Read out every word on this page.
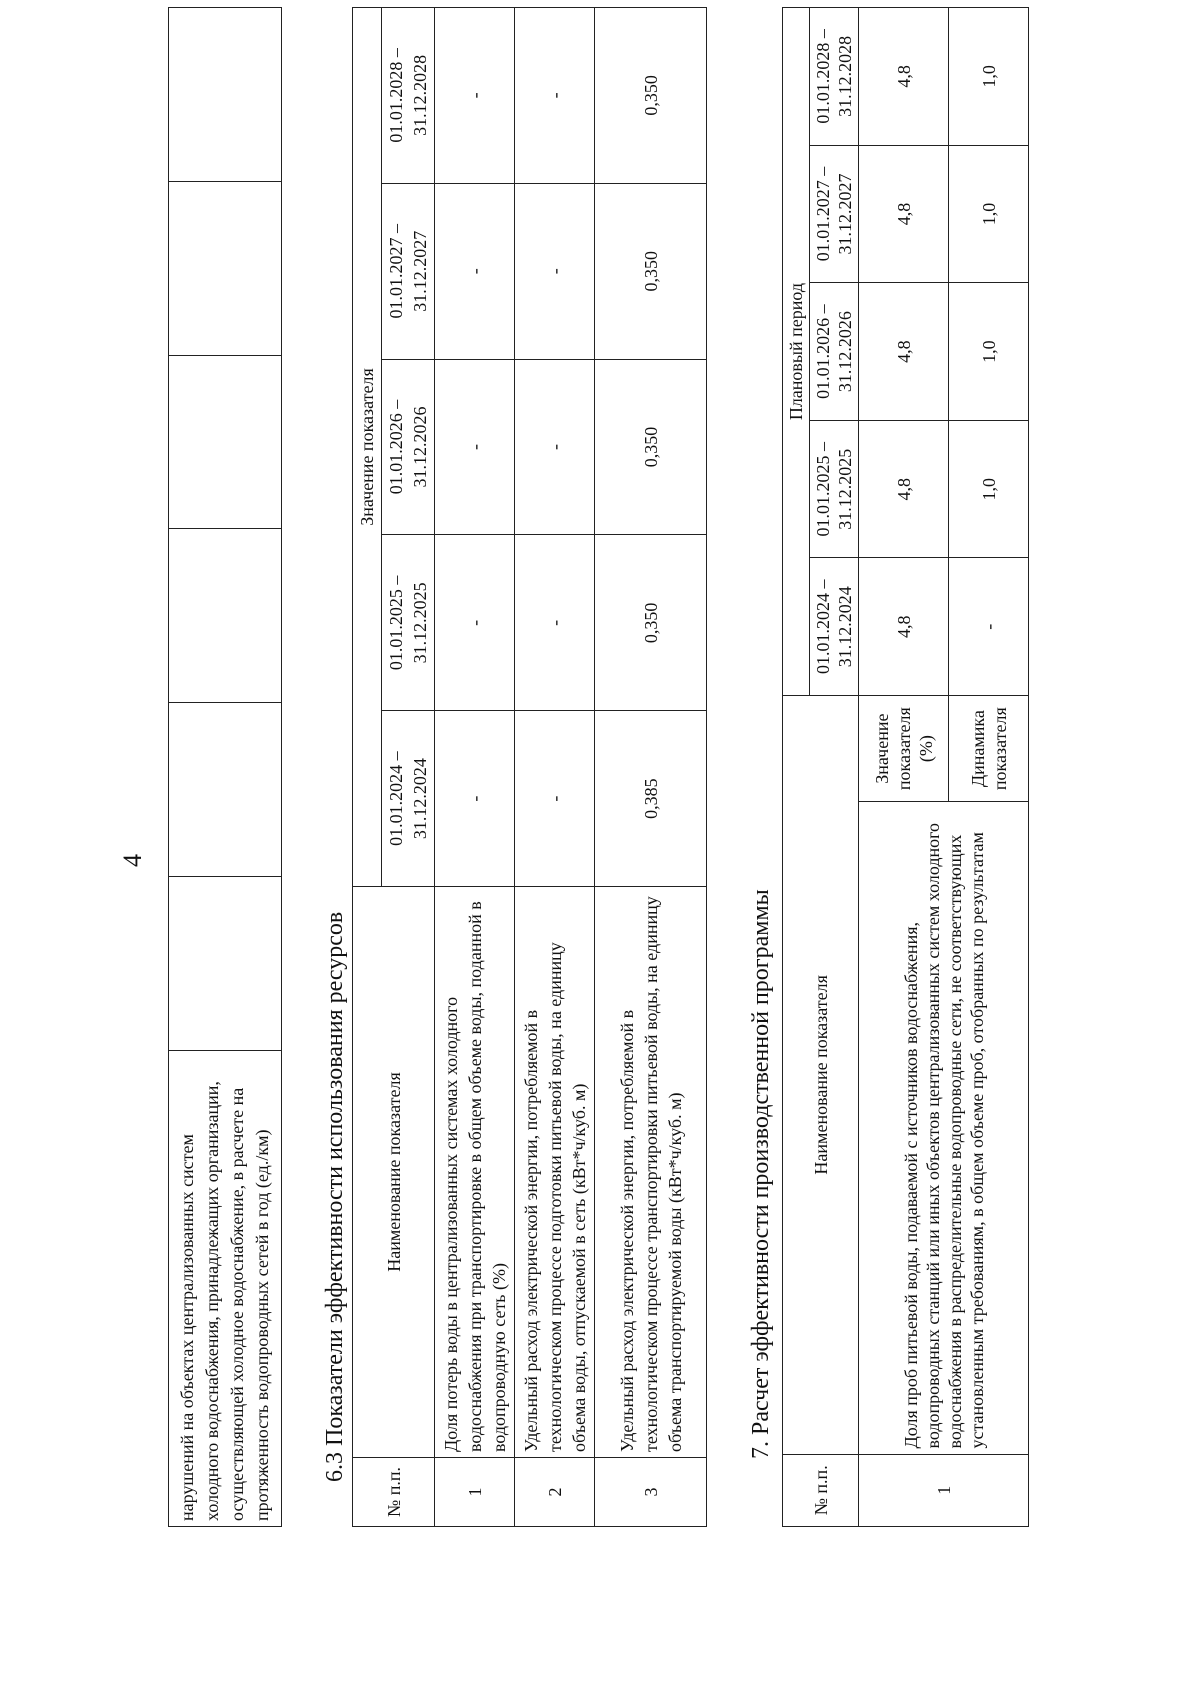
4
нарушений на объектах централизованных систем холодного водоснабжения, принадлежащих организации, осуществляющей холодное водоснабжение, в расчете на протяженность водопроводных сетей в год (ед./км)						6.3 Показатели эффективности использования ресурсов
№ п.п.	Наименование показателя	Значение показателя				
		01.01.2024 – 31.12.2024	01.01.2025 – 31.12.2025	01.01.2026 – 31.12.2026	01.01.2027 – 31.12.2027	01.01.2028 – 31.12.2028
1	Доля потерь воды в централизованных системах холодного водоснабжения при транспортировке в общем объеме воды, поданной в водопроводную сеть (%)	-	-	-	-	-
2	Удельный расход электрической энергии, потребляемой в технологическом процессе подготовки питьевой воды, на единицу объема воды, отпускаемой в сеть (кВт*ч/куб. м)	-	-	-	-	-
3	Удельный расход электрической энергии, потребляемой в технологическом процессе транспортировки питьевой воды, на единицу объема транспортируемой воды (кВт*ч/куб. м)	0,385	0,350	0,350	0,350	0,350
7. Расчет эффективности производственной программы
№ п.п.	Наименование показателя		Плановый период				
			01.01.2024 – 31.12.2024	01.01.2025 – 31.12.2025	01.01.2026 – 31.12.2026	01.01.2027 – 31.12.2027	01.01.2028 – 31.12.2028

1	Доля проб питьевой воды, подаваемой с источников водоснабжения, водопроводных станций или иных объектов централизованных систем холодного водоснабжения в распределительные водопроводные сети, не соответствующих установленным требованиям, в общем объеме проб, отобранных по результатам	Значение показателя (%)	4,8	4,8	4,8	4,8	4,8
		Динамика показателя	-	1,0	1,0	1,0	1,0
